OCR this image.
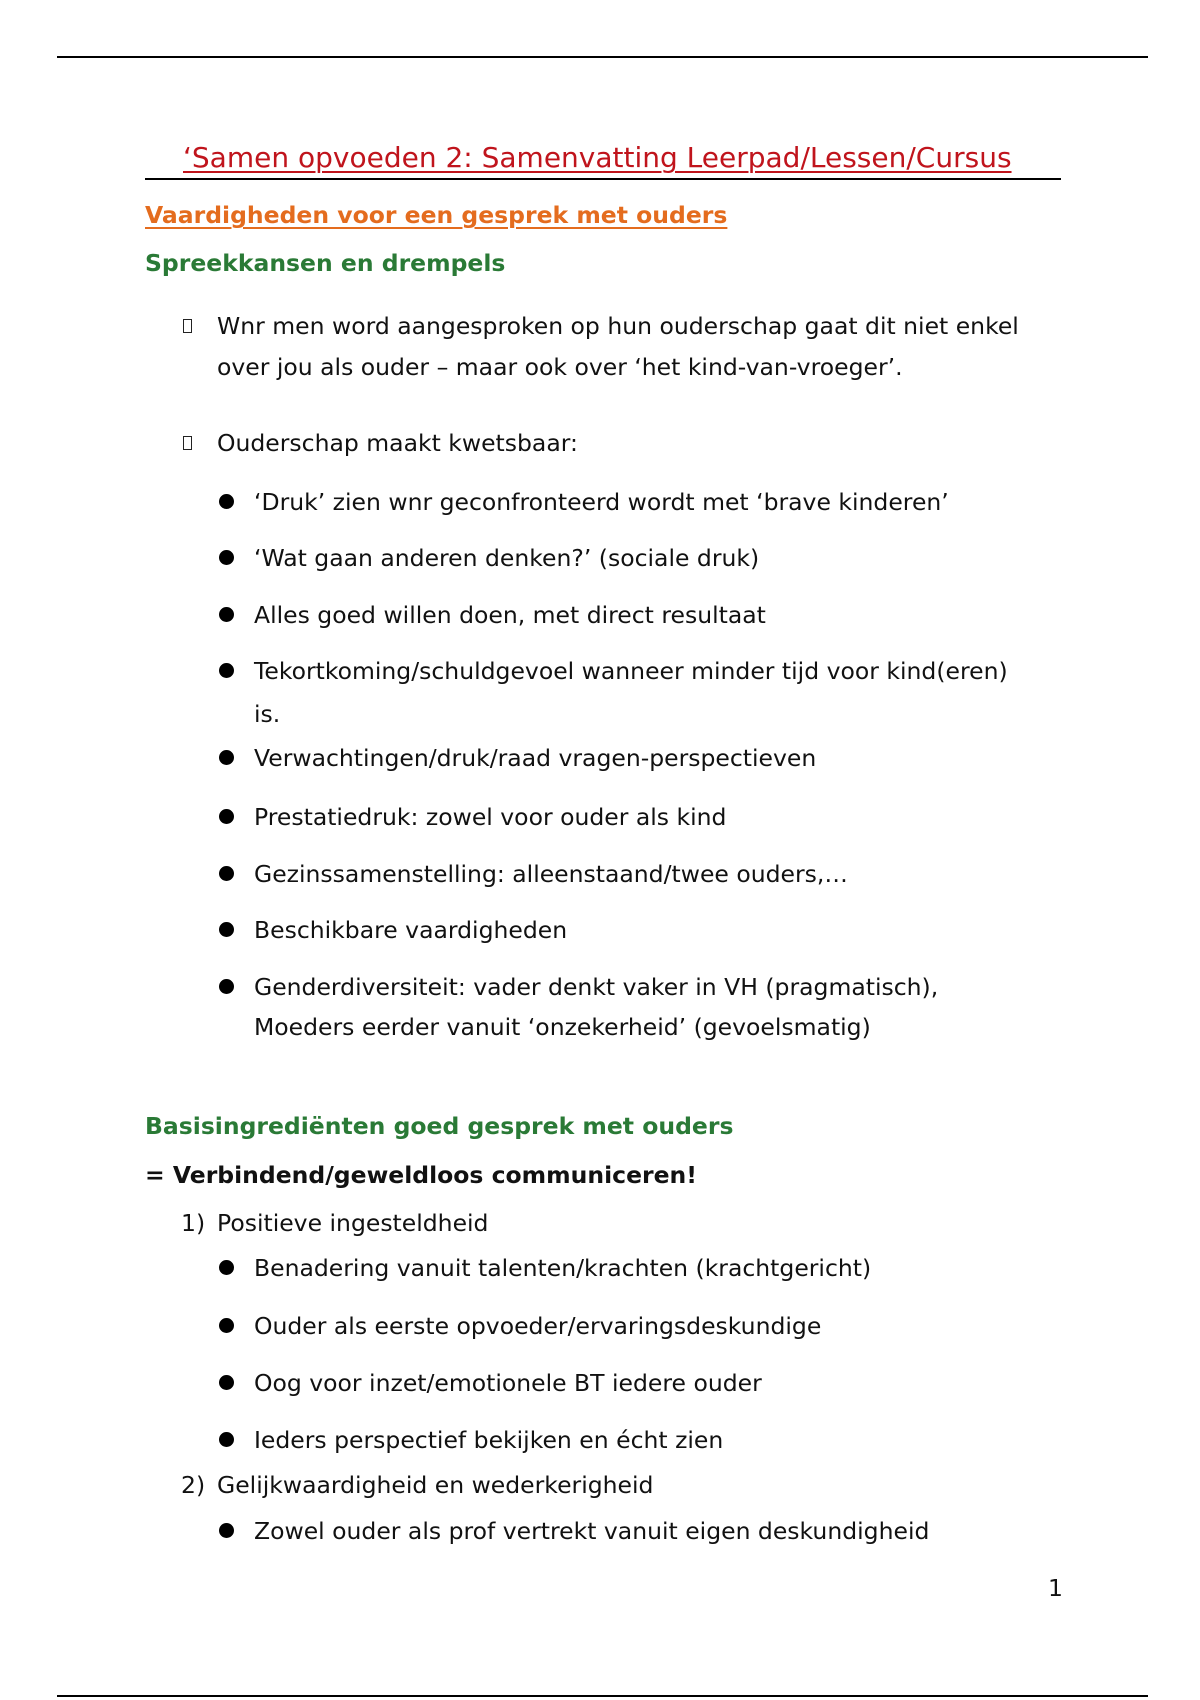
‘Samen opvoeden 2: Samenvatting Leerpad/Lessen/Cursus
Vaardigheden voor een gesprek met ouders
Spreekkansen en drempels
Wnr men word aangesproken op hun ouderschap gaat dit niet enkel
over jou als ouder – maar ook over ‘het kind-van-vroeger’.
Ouderschap maakt kwetsbaar:
‘Druk’ zien wnr geconfronteerd wordt met ‘brave kinderen’
‘Wat gaan anderen denken?’ (sociale druk)
Alles goed willen doen, met direct resultaat
Tekortkoming/schuldgevoel wanneer minder tijd voor kind(eren)
is.
Verwachtingen/druk/raad vragen-perspectieven
Prestatiedruk: zowel voor ouder als kind
Gezinssamenstelling: alleenstaand/twee ouders,…
Beschikbare vaardigheden
Genderdiversiteit: vader denkt vaker in VH (pragmatisch),
Moeders eerder vanuit ‘onzekerheid’ (gevoelsmatig)
Basisingrediënten goed gesprek met ouders
= Verbindend/geweldloos communiceren!
1) Positieve ingesteldheid
Benadering vanuit talenten/krachten (krachtgericht)
Ouder als eerste opvoeder/ervaringsdeskundige
Oog voor inzet/emotionele BT iedere ouder
Ieders perspectief bekijken en écht zien
2) Gelijkwaardigheid en wederkerigheid
Zowel ouder als prof vertrekt vanuit eigen deskundigheid
1
